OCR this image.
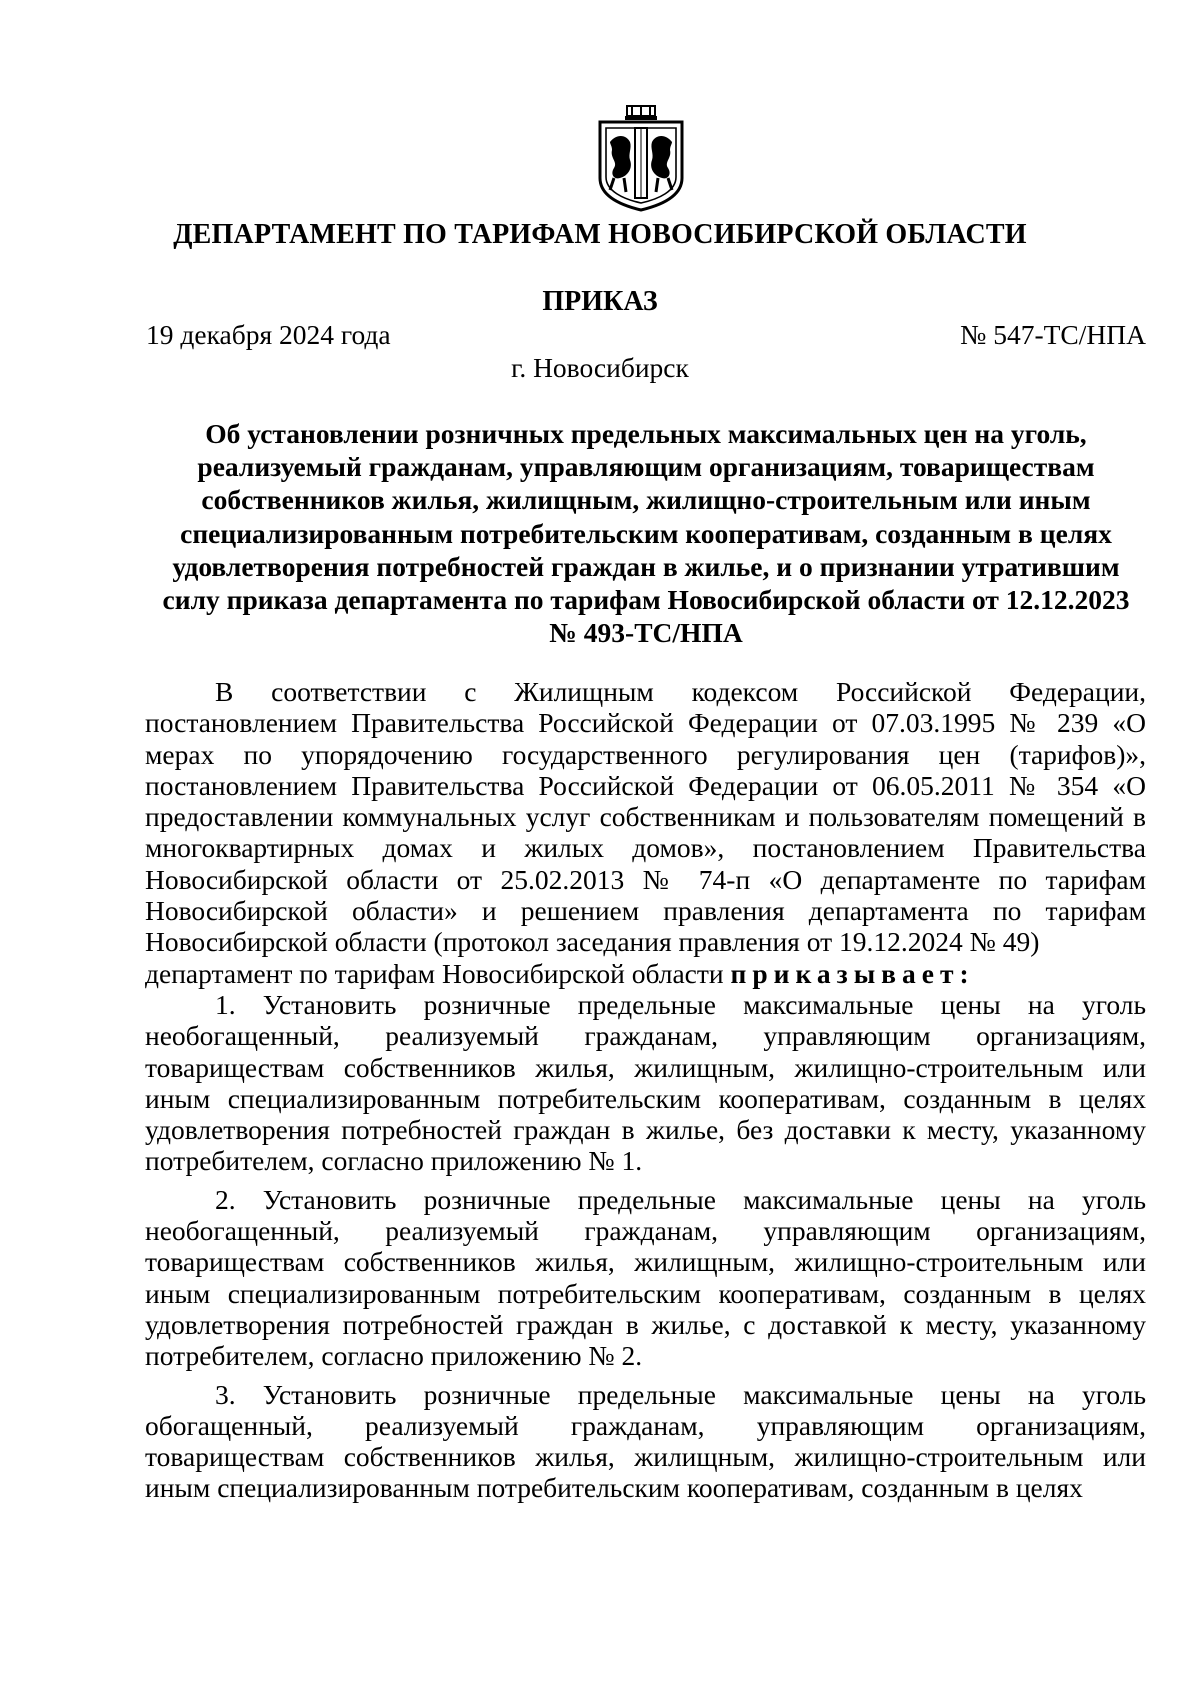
ДЕПАРТАМЕНТ ПО ТАРИФАМ НОВОСИБИРСКОЙ ОБЛАСТИ
ПРИКАЗ
19 декабря 2024 года	№ 547-ТС/НПА
г. Новосибирск
Об установлении розничных предельных максимальных цен на уголь, реализуемый гражданам, управляющим организациям, товариществам собственников жилья, жилищным, жилищно-строительным или иным специализированным потребительским кооперативам, созданным в целях удовлетворения потребностей граждан в жилье, и о признании утратившим силу приказа департамента по тарифам Новосибирской области от 12.12.2023 № 493-ТС/НПА

В соответствии с Жилищным кодексом Российской Федерации, постановлением Правительства Российской Федерации от 07.03.1995 № 239 «О мерах по упорядочению государственного регулирования цен (тарифов)», постановлением Правительства Российской Федерации от 06.05.2011 № 354 «О предоставлении коммунальных услуг собственникам и пользователям помещений в многоквартирных домах и жилых домов», постановлением Правительства Новосибирской области от 25.02.2013 № 74-п «О департаменте по тарифам Новосибирской области» и решением правления департамента по тарифам Новосибирской области (протокол заседания правления от 19.12.2024 № 49)

департамент по тарифам Новосибирской области приказывает:

1. Установить розничные предельные максимальные цены на уголь необогащенный, реализуемый гражданам, управляющим организациям, товариществам собственников жилья, жилищным, жилищно-строительным или иным специализированным потребительским кооперативам, созданным в целях удовлетворения потребностей граждан в жилье, без доставки к месту, указанному потребителем, согласно приложению № 1.

2. Установить розничные предельные максимальные цены на уголь необогащенный, реализуемый гражданам, управляющим организациям, товариществам собственников жилья, жилищным, жилищно-строительным или иным специализированным потребительским кооперативам, созданным в целях удовлетворения потребностей граждан в жилье, с доставкой к месту, указанному потребителем, согласно приложению № 2.

3. Установить розничные предельные максимальные цены на уголь обогащенный, реализуемый гражданам, управляющим организациям, товариществам собственников жилья, жилищным, жилищно-строительным или иным специализированным потребительским кооперативам, созданным в целях
